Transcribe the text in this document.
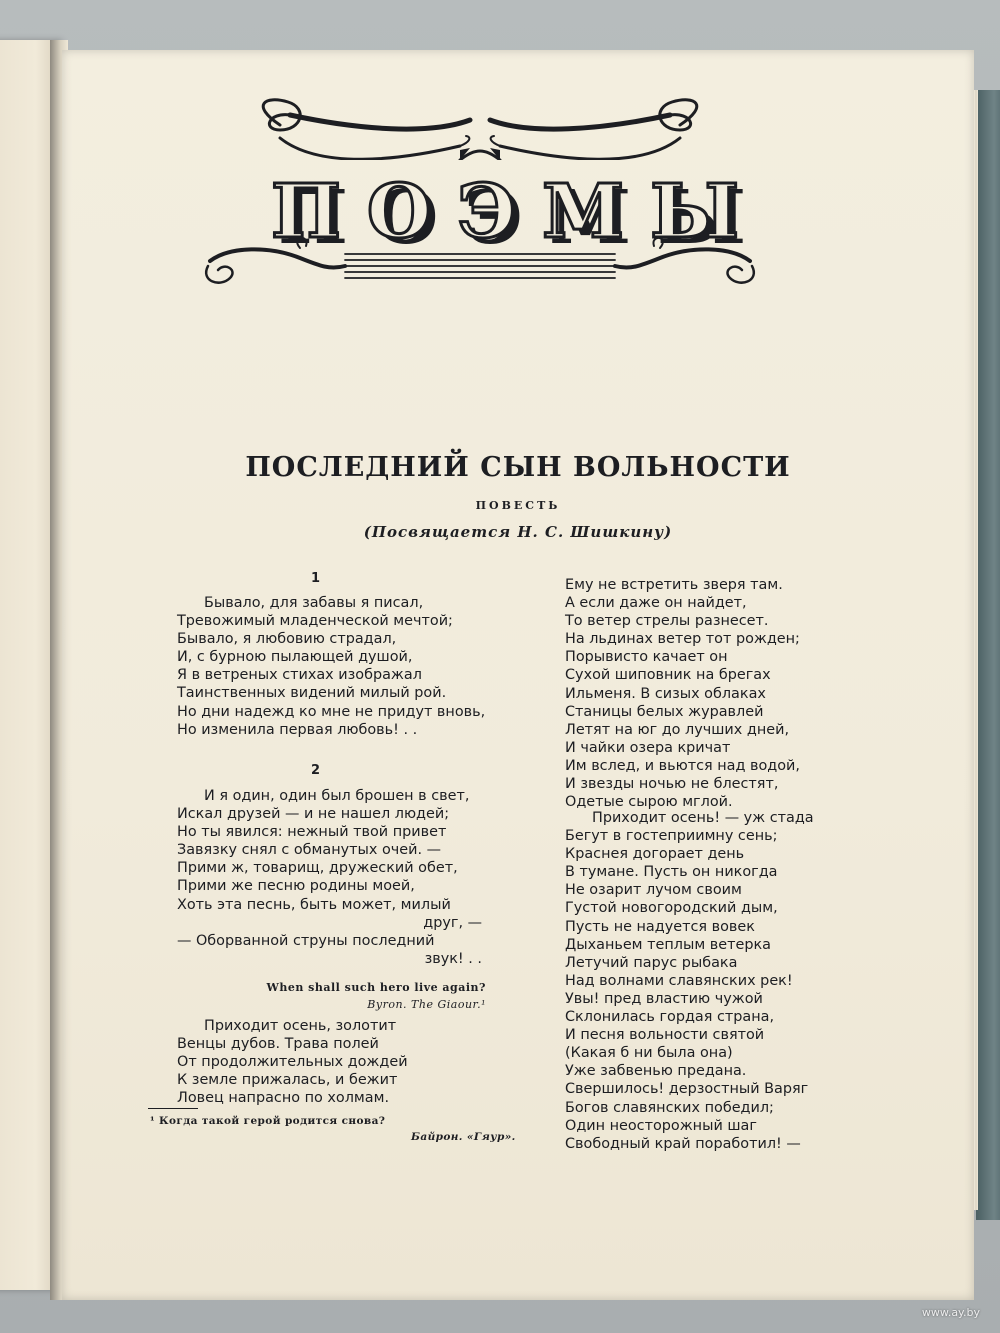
ПОЭМЫ
ПОСЛЕДНИЙ СЫН ВОЛЬНОСТИ
ПОВЕСТЬ
(Посвящается Н. С. Шишкину)
1
Бывало, для забавы я писал,
Тревожимый младенческой мечтой;
Бывало, я любовию страдал,
И, с бурною пылающей душой,
Я в ветреных стихах изображал
Таинственных видений милый рой.
Но дни надежд ко мне не придут вновь,
Но изменила первая любовь! . .
2
И я один, один был брошен в свет,
Искал друзей — и не нашел людей;
Но ты явился: нежный твой привет
Завязку снял с обманутых очей. —
Прими ж, товарищ, дружеский обет,
Прими же песню родины моей,
Хоть эта песнь, быть может, милый
друг, —
— Оборванной струны последний
звук! . .
When shall such hero live again?
Byron. The Giaour.¹
Приходит осень, золотит
Венцы дубов. Трава полей
От продолжительных дождей
К земле прижалась, и бежит
Ловец напрасно по холмам.
¹ Когда такой герой родится снова?
Байрон. «Гяур».
Ему не встретить зверя там.
А если даже он найдет,
То ветер стрелы разнесет.
На льдинах ветер тот рожден;
Порывисто качает он
Сухой шиповник на брегах
Ильменя. В сизых облаках
Станицы белых журавлей
Летят на юг до лучших дней,
И чайки озера кричат
Им вслед, и вьются над водой,
И звезды ночью не блестят,
Одетые сырою мглой.
Приходит осень! — уж стада
Бегут в гостеприимну сень;
Краснея догорает день
В тумане. Пусть он никогда
Не озарит лучом своим
Густой новогородский дым,
Пусть не надуется вовек
Дыханьем теплым ветерка
Летучий парус рыбака
Над волнами славянских рек!
Увы! пред властию чужой
Склонилась гордая страна,
И песня вольности святой
(Какая б ни была она)
Уже забвенью предана.
Свершилось! дерзостный Варяг
Богов славянских победил;
Один неосторожный шаг
Свободный край поработил! —
www.ay.by
